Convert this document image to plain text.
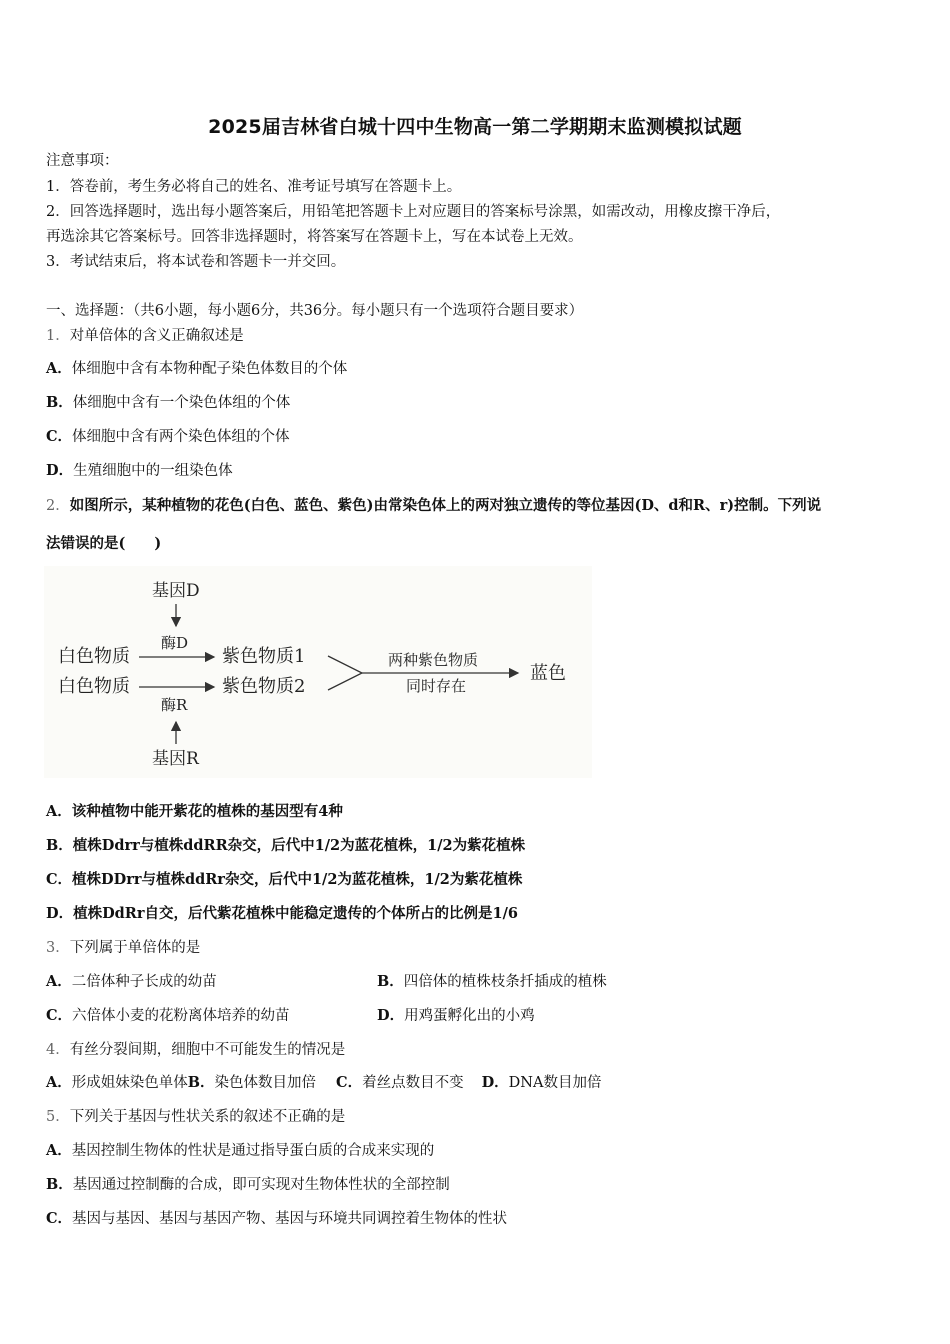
2025届吉林省白城十四中生物高一第二学期期末监测模拟试题
注意事项：
1．答卷前，考生务必将自己的姓名、准考证号填写在答题卡上。
2．回答选择题时，选出每小题答案后，用铅笔把答题卡上对应题目的答案标号涂黑，如需改动，用橡皮擦干净后，
再选涂其它答案标号。回答非选择题时，将答案写在答题卡上，写在本试卷上无效。
3．考试结束后，将本试卷和答题卡一并交回。
一、选择题：（共6小题，每小题6分，共36分。每小题只有一个选项符合题目要求）
1．对单倍体的含义正确叙述是
A．体细胞中含有本物种配子染色体数目的个体
B．体细胞中含有一个染色体组的个体
C．体细胞中含有两个染色体组的个体
D．生殖细胞中的一组染色体
2．如图所示，某种植物的花色(白色、蓝色、紫色)由常染色体上的两对独立遗传的等位基因(D、d和R、r)控制。下列说
法错误的是(　　)
基因D
酶D
白色物质	紫色物质1
白色物质	紫色物质2
酶R
基因R
两种紫色物质
同时存在
蓝色
A．该种植物中能开紫花的植株的基因型有4种
B．植株Ddrr与植株ddRR杂交，后代中1/2为蓝花植株，1/2为紫花植株
C．植株DDrr与植株ddRr杂交，后代中1/2为蓝花植株，1/2为紫花植株
D．植株DdRr自交，后代紫花植株中能稳定遗传的个体所占的比例是1/6
3．下列属于单倍体的是
A．二倍体种子长成的幼苗	B．四倍体的植株枝条扦插成的植株
C．六倍体小麦的花粉离体培养的幼苗	D．用鸡蛋孵化出的小鸡
4．有丝分裂间期，细胞中不可能发生的情况是
A．形成姐妹染色单体B．染色体数目加倍 C．着丝点数目不变 D．DNA数目加倍
5．下列关于基因与性状关系的叙述不正确的是
A．基因控制生物体的性状是通过指导蛋白质的合成来实现的
B．基因通过控制酶的合成，即可实现对生物体性状的全部控制
C．基因与基因、基因与基因产物、基因与环境共同调控着生物体的性状
